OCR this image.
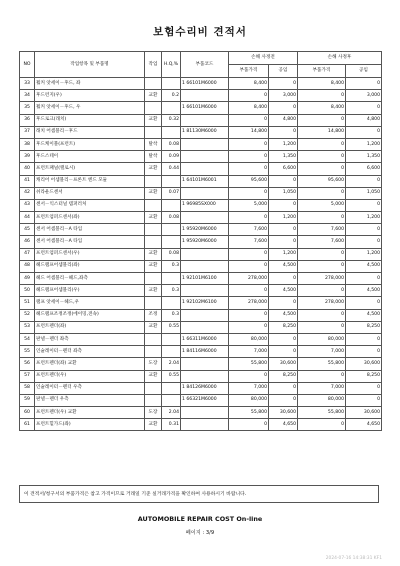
보험수리비 견적서
NO	작업항목 및 부품명	작업	H.Q,%	부품코드	손해 사정전		손해 사정후	
					부품가격	공임	부품가격	공임
33	휠커 앗세이－후드, 좌			1 66101M6000	8,400	0	8,400	0
34	후드런지(우)	교환	0.2		0	3,000	0	3,000
35	휠커 앗세이－후드, 우			1 66101M6000	8,400	0	8,400	0
36	후드로크(래치)	교환	0.32		0	4,800	0	4,800
37	래치 어셈블리－후드			1 81130M6000	14,800	0	14,800	0
38	후드케이블(프런트)	탈착	0.08		0	1,200	0	1,200
39	후드스테이	탈착	0.09		0	1,350	0	1,350
40	프런트패널(랠로시)	교환	0.44		0	6,600	0	6,600
41	캐리어 어셈블리－프론트 엔드 모듈			1 64101M6001	95,600	0	95,600	0
42	쉬라운드센서	교환	0.07		0	1,050	0	1,050
43	센서－익스터널 템퍼러처			1 96985SX000	5,000	0	5,000	0
44	프런트엄퍼드센서(좌)	교환	0.08		0	1,200	0	1,200
45	센서 어셈블리－A 타입			1 95920M6000	7,600	0	7,600	0
46	센서 어셈블리－A 타입			1 95920M6000	7,600	0	7,600	0
47	프런트엄퍼드센서(우)	교환	0.08		0	1,200	0	1,200
48	헤드램프어셈블리(좌)	교환	0.3		0	4,500	0	4,500
49	헤드 어셈블리－헤드,좌측			1 92101M6100	278,000	0	278,000	0
50	헤드램프어셈블리(우)	교환	0.3		0	4,500	0	4,500
51	램프 앗세이－헤드,우			1 92102M6100	278,000	0	278,000	0
52	헤드램프조정조정(에이밍,전속)	조정	0.3		0	4,500	0	4,500
53	프런트펜더(좌)	교환	0.55		0	8,250	0	8,250
54	판넬－펜더 좌측			1 66311M6000	80,000	0	80,000	0
55	인슐레이터－펜더 좌측			1 84116M6000	7,000	0	7,000	0
56	프런트펜더(좌) 교환	도장	2.04		55,800	30,600	55,800	30,600
57	프런트펜더(우)	교환	0.55		0	8,250	0	8,250
58	인슐레이터－펜더 우측			1 84126M6000	7,000	0	7,000	0
59	판넬－펜더 우측			1 66321M6000	80,000	0	80,000	0
60	프런트펜더(우) 교환	도장	2.04		55,800	30,600	55,800	30,600
61	프런트힐가드(좌)	교환	0.31		0	4,650	0	4,650
이 견적서/청구서의 부품가격은 참고 가격이므로 거래일 기준 실거래가격을 확인하여 사용하시기 바랍니다.
AUTOMOBILE REPAIR COST On-line
페이지 : 3/9
2024-07-16 14:38:31 KF1
